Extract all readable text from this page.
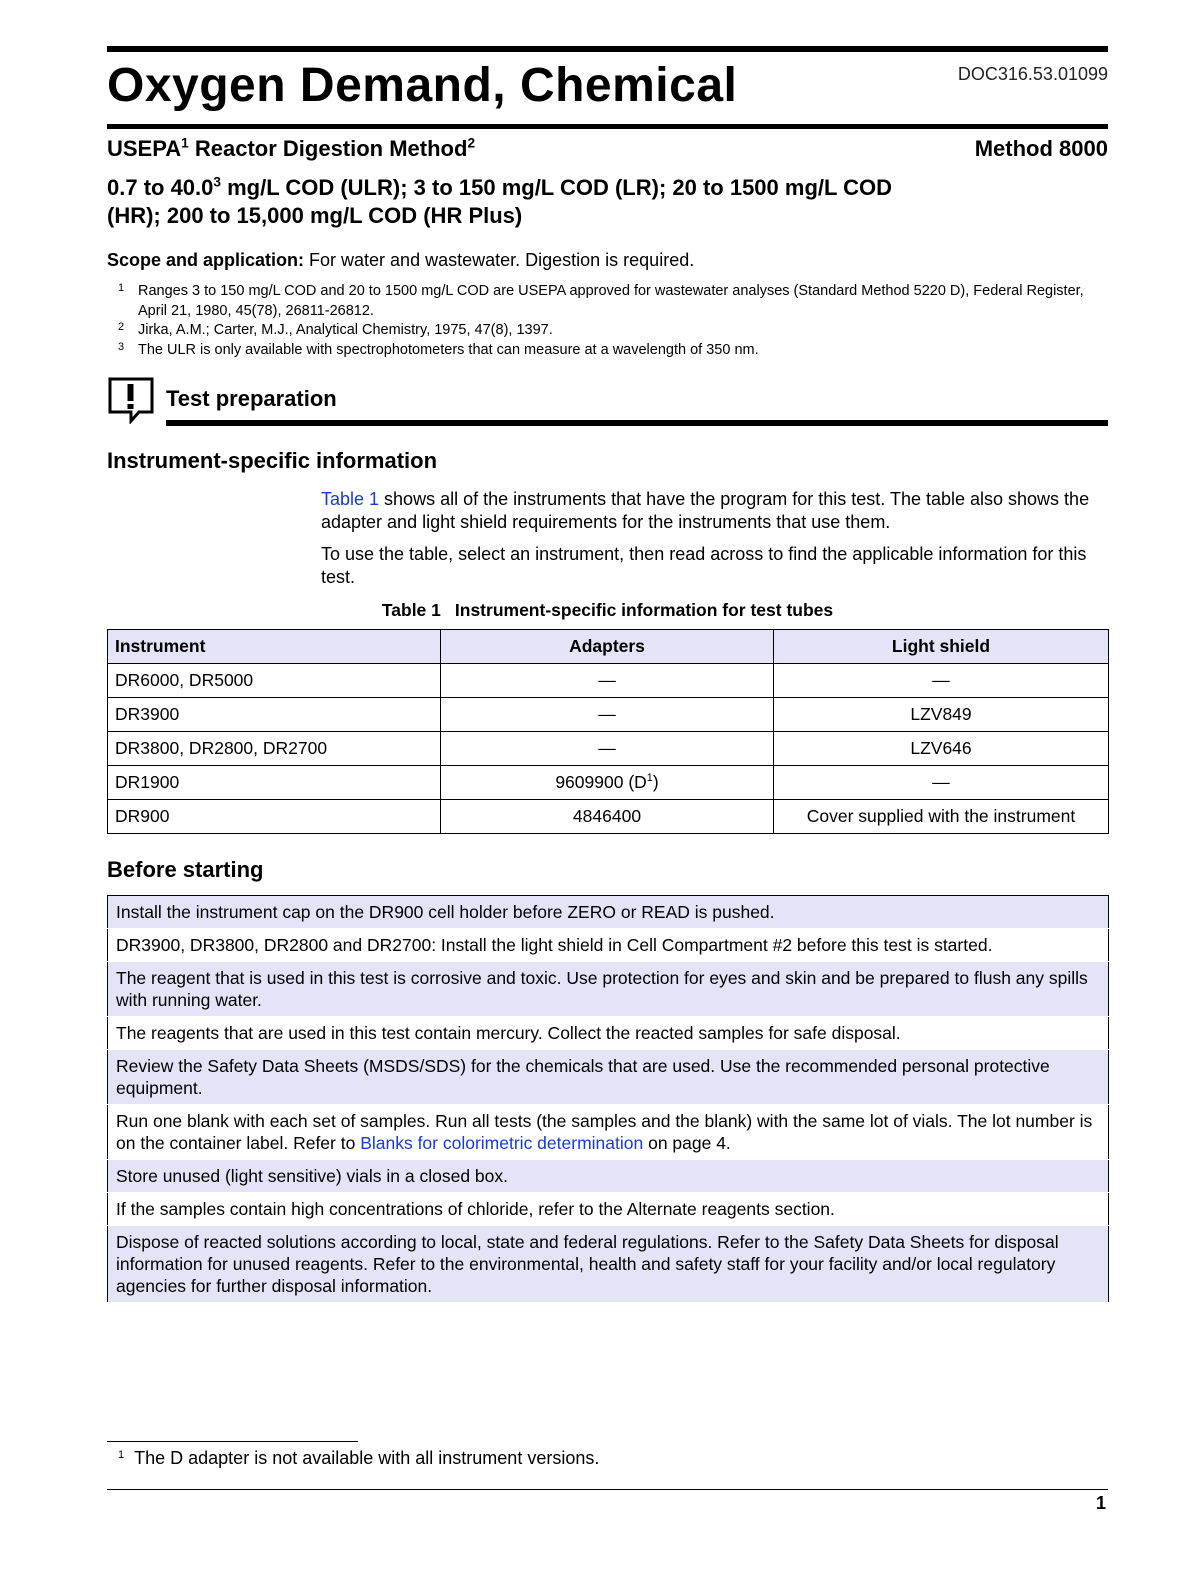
Oxygen Demand, Chemical	DOC316.53.01099
USEPA$^1$ Reactor Digestion Method$^2$	Method 8000
0.7 to 40.0$^3$ mg/L COD (ULR); 3 to 150 mg/L COD (LR); 20 to 1500 mg/L COD (HR); 200 to 15,000 mg/L COD (HR Plus)
Scope and application: For water and wastewater. Digestion is required.
1 Ranges 3 to 150 mg/L COD and 20 to 1500 mg/L COD are USEPA approved for wastewater analyses (Standard Method 5220 D), Federal Register, April 21, 1980, 45(78), 26811-26812.
2 Jirka, A.M.; Carter, M.J., Analytical Chemistry, 1975, 47(8), 1397.
3 The ULR is only available with spectrophotometers that can measure at a wavelength of 350 nm.
Test preparation
Instrument-specific information
Table 1 shows all of the instruments that have the program for this test. The table also shows the adapter and light shield requirements for the instruments that use them.
To use the table, select an instrument, then read across to find the applicable information for this test.
Table 1 Instrument-specific information for test tubes
Instrument	Adapters	Light shield
DR6000, DR5000	—	—
DR3900	—	LZV849
DR3800, DR2800, DR2700	—	LZV646
DR1900	9609900 $(D^1)$	—
DR900	4846400	Cover supplied with the instrument
Before starting
Install the instrument cap on the DR900 cell holder before ZERO or READ is pushed.
DR3900, DR3800, DR2800 and DR2700: Install the light shield in Cell Compartment #2 before this test is started.
The reagent that is used in this test is corrosive and toxic. Use protection for eyes and skin and be prepared to flush any spills with running water.
The reagents that are used in this test contain mercury. Collect the reacted samples for safe disposal.
Review the Safety Data Sheets (MSDS/SDS) for the chemicals that are used. Use the recommended personal protective equipment.
Run one blank with each set of samples. Run all tests (the samples and the blank) with the same lot of vials. The lot number is on the container label. Refer to Blanks for colorimetric determination on page 4.
Store unused (light sensitive) vials in a closed box.
If the samples contain high concentrations of chloride, refer to the Alternate reagents section.
Dispose of reacted solutions according to local, state and federal regulations. Refer to the Safety Data Sheets for disposal information for unused reagents. Refer to the environmental, health and safety staff for your facility and/or local regulatory agencies for further disposal information.
$^1$ The D adapter is not available with all instrument versions.
1
